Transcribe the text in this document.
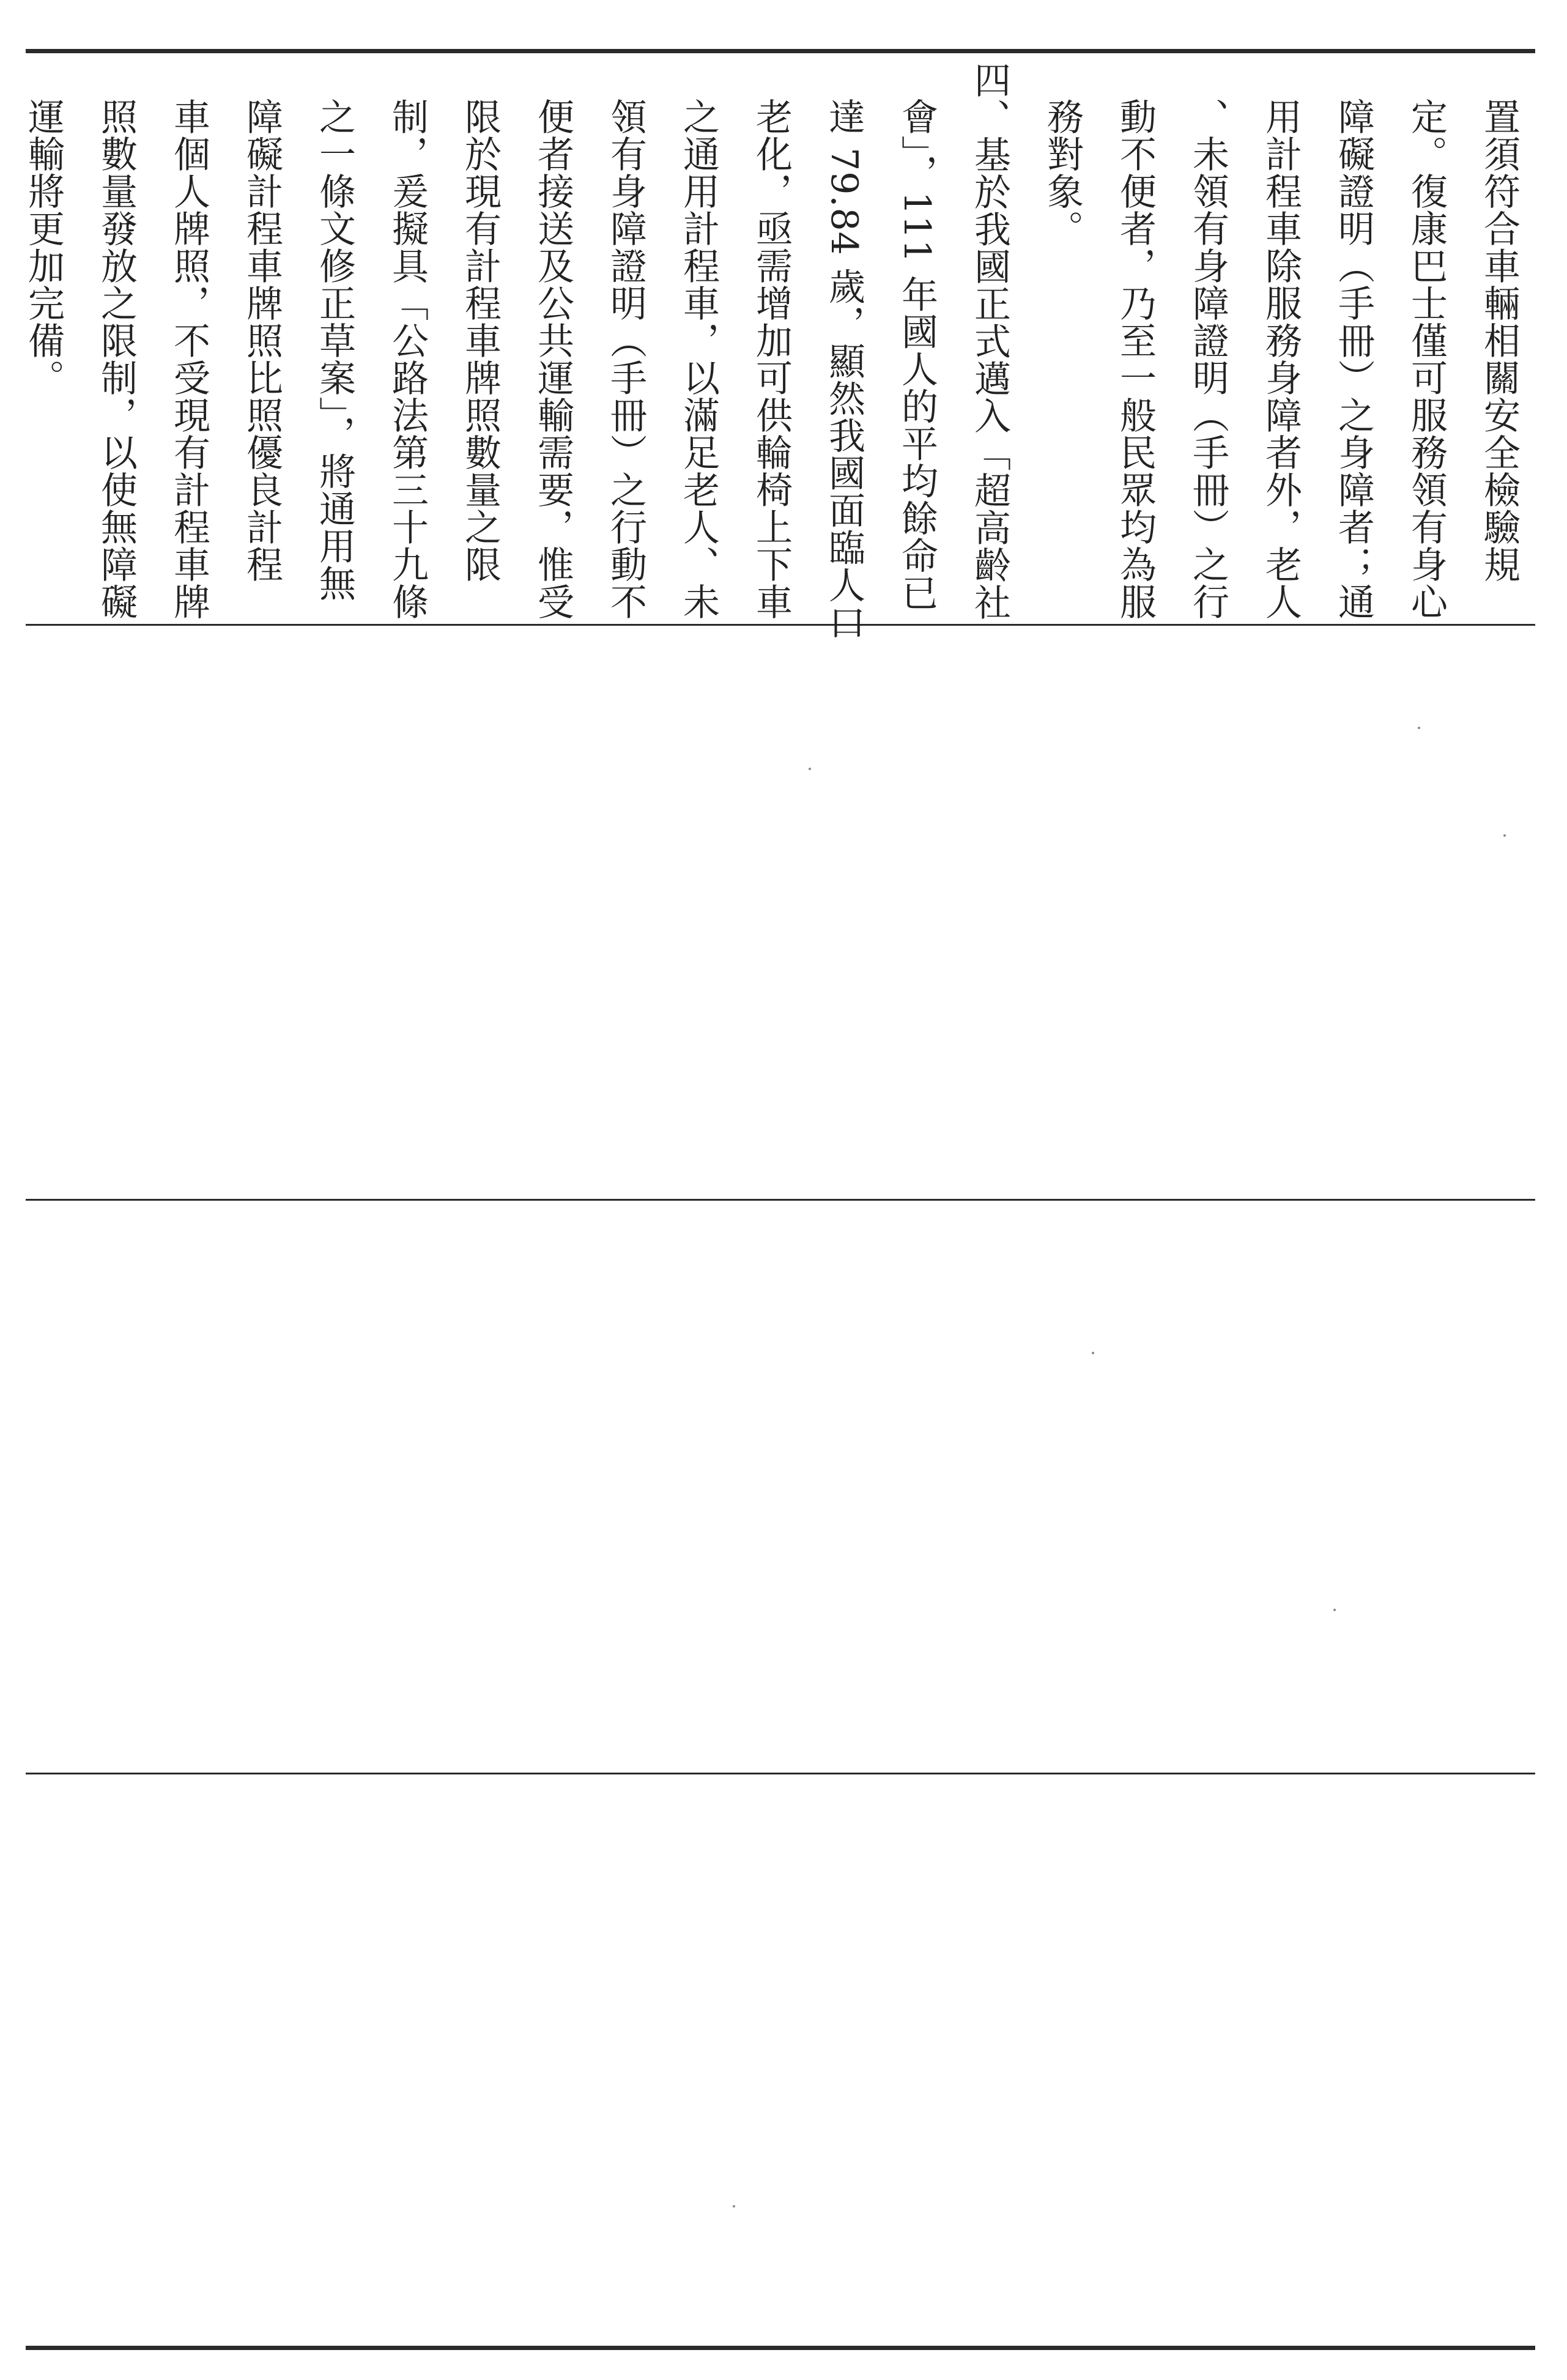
置須符合車輛相關安全檢驗規
定。復康巴士僅可服務領有身心
障礙證明（手冊）之身障者；通
用計程車除服務身障者外，老人
、未領有身障證明（手冊）之行
動不便者，乃至一般民眾均為服
務對象。
四、基於我國正式邁入「超高齡社
會」，111 年國人的平均餘命已
達 79.84 歲，顯然我國面臨人口
老化，亟需增加可供輪椅上下車
之通用計程車，以滿足老人、未
領有身障證明（手冊）之行動不
便者接送及公共運輸需要，惟受
限於現有計程車牌照數量之限
制，爰擬具「公路法第三十九條
之一條文修正草案」，將通用無
障礙計程車牌照比照優良計程
車個人牌照，不受現有計程車牌
照數量發放之限制，以使無障礙
運輸將更加完備。
